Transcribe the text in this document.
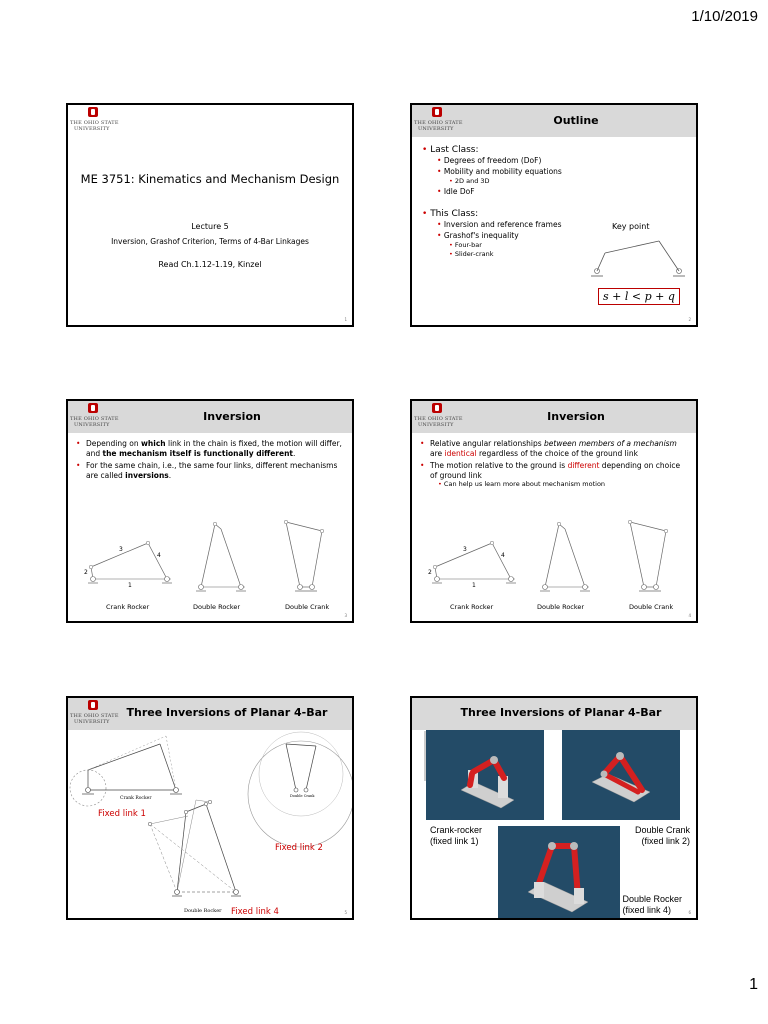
1/10/2019
THE OHIO STATE
UNIVERSITY
ME 3751: Kinematics and Mechanism Design
Lecture 5
Inversion, Grashof Criterion, Terms of 4-Bar Linkages
Read Ch.1.12-1.19, Kinzel
1
THE OHIO STATE
UNIVERSITY
Outline
• Last Class:
• Degrees of freedom (DoF)
• Mobility and mobility equations
• 2D and 3D
• Idle DoF
• This Class:
• Inversion and reference frames
• Grashof's inequality
• Four-bar
• Slider-crank
Key point
s + l < p + q
2
THE OHIO STATE
UNIVERSITY
Inversion
• Depending on which link in the chain is fixed, the motion will differ, and the mechanism itself is functionally different.
• For the same chain, i.e., the same four links, different mechanisms are called inversions.
3
4
2
1
Crank Rocker	Double Rocker	Double Crank
3
THE OHIO STATE
UNIVERSITY
Inversion
• Relative angular relationships between members of a mechanism are identical regardless of the choice of the ground link
• The motion relative to the ground is different depending on choice of ground link
• Can help us learn more about mechanism motion
3
4
2
1
Crank Rocker	Double Rocker	Double Crank
4
THE OHIO STATE
UNIVERSITY
Three Inversions of Planar 4-Bar
Crank Rocker	Double Crank
Double Rocker
Fixed link 1
Fixed link 2
Fixed link 4	5
Three Inversions of Planar 4-Bar
Crank-rocker
(fixed link 1)
Double Crank
(fixed link 2)
Double Rocker
(fixed link 4)	6
1
